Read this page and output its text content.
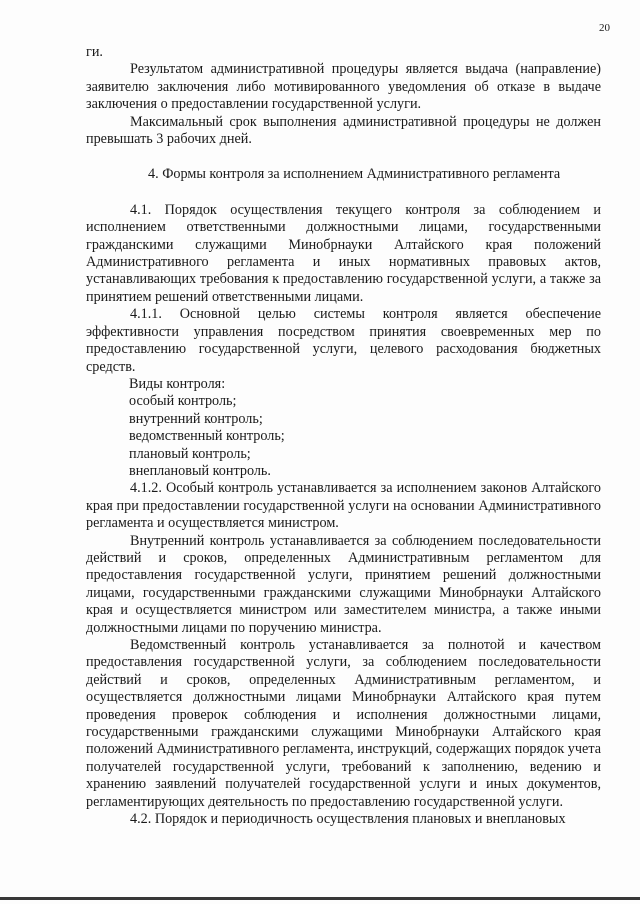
20

ги.

Результатом административной процедуры является выдача (направление) заявителю заключения либо мотивированного уведомления об отказе в выдаче заключения о предоставлении государственной услуги.

Максимальный срок выполнения административной процедуры не должен превышать 3 рабочих дней.

4. Формы контроля за исполнением Административного регламента

4.1. Порядок осуществления текущего контроля за соблюдением и исполнением ответственными должностными лицами, государственными гражданскими служащими Минобрнауки Алтайского края положений Административного регламента и иных нормативных правовых актов, устанавливающих требования к предоставлению государственной услуги, а также за принятием решений ответственными лицами.

4.1.1. Основной целью системы контроля является обеспечение эффективности управления посредством принятия своевременных мер по предоставлению государственной услуги, целевого расходования бюджетных средств.

Виды контроля:

особый контроль;

внутренний контроль;

ведомственный контроль;

плановый контроль;

внеплановый контроль.

4.1.2. Особый контроль устанавливается за исполнением законов Алтайского края при предоставлении государственной услуги на основании Административного регламента и осуществляется министром.

Внутренний контроль устанавливается за соблюдением последовательности действий и сроков, определенных Административным регламентом для предоставления государственной услуги, принятием решений должностными лицами, государственными гражданскими служащими Минобрнауки Алтайского края и осуществляется министром или заместителем министра, а также иными должностными лицами по поручению министра.

Ведомственный контроль устанавливается за полнотой и качеством предоставления государственной услуги, за соблюдением последовательности действий и сроков, определенных Административным регламентом, и осуществляется должностными лицами Минобрнауки Алтайского края путем проведения проверок соблюдения и исполнения должностными лицами, государственными гражданскими служащими Минобрнауки Алтайского края положений Административного регламента, инструкций, содержащих порядок учета получателей государственной услуги, требований к заполнению, ведению и хранению заявлений получателей государственной услуги и иных документов, регламентирующих деятельность по предоставлению государственной услуги.

4.2. Порядок и периодичность осуществления плановых и внеплановых
